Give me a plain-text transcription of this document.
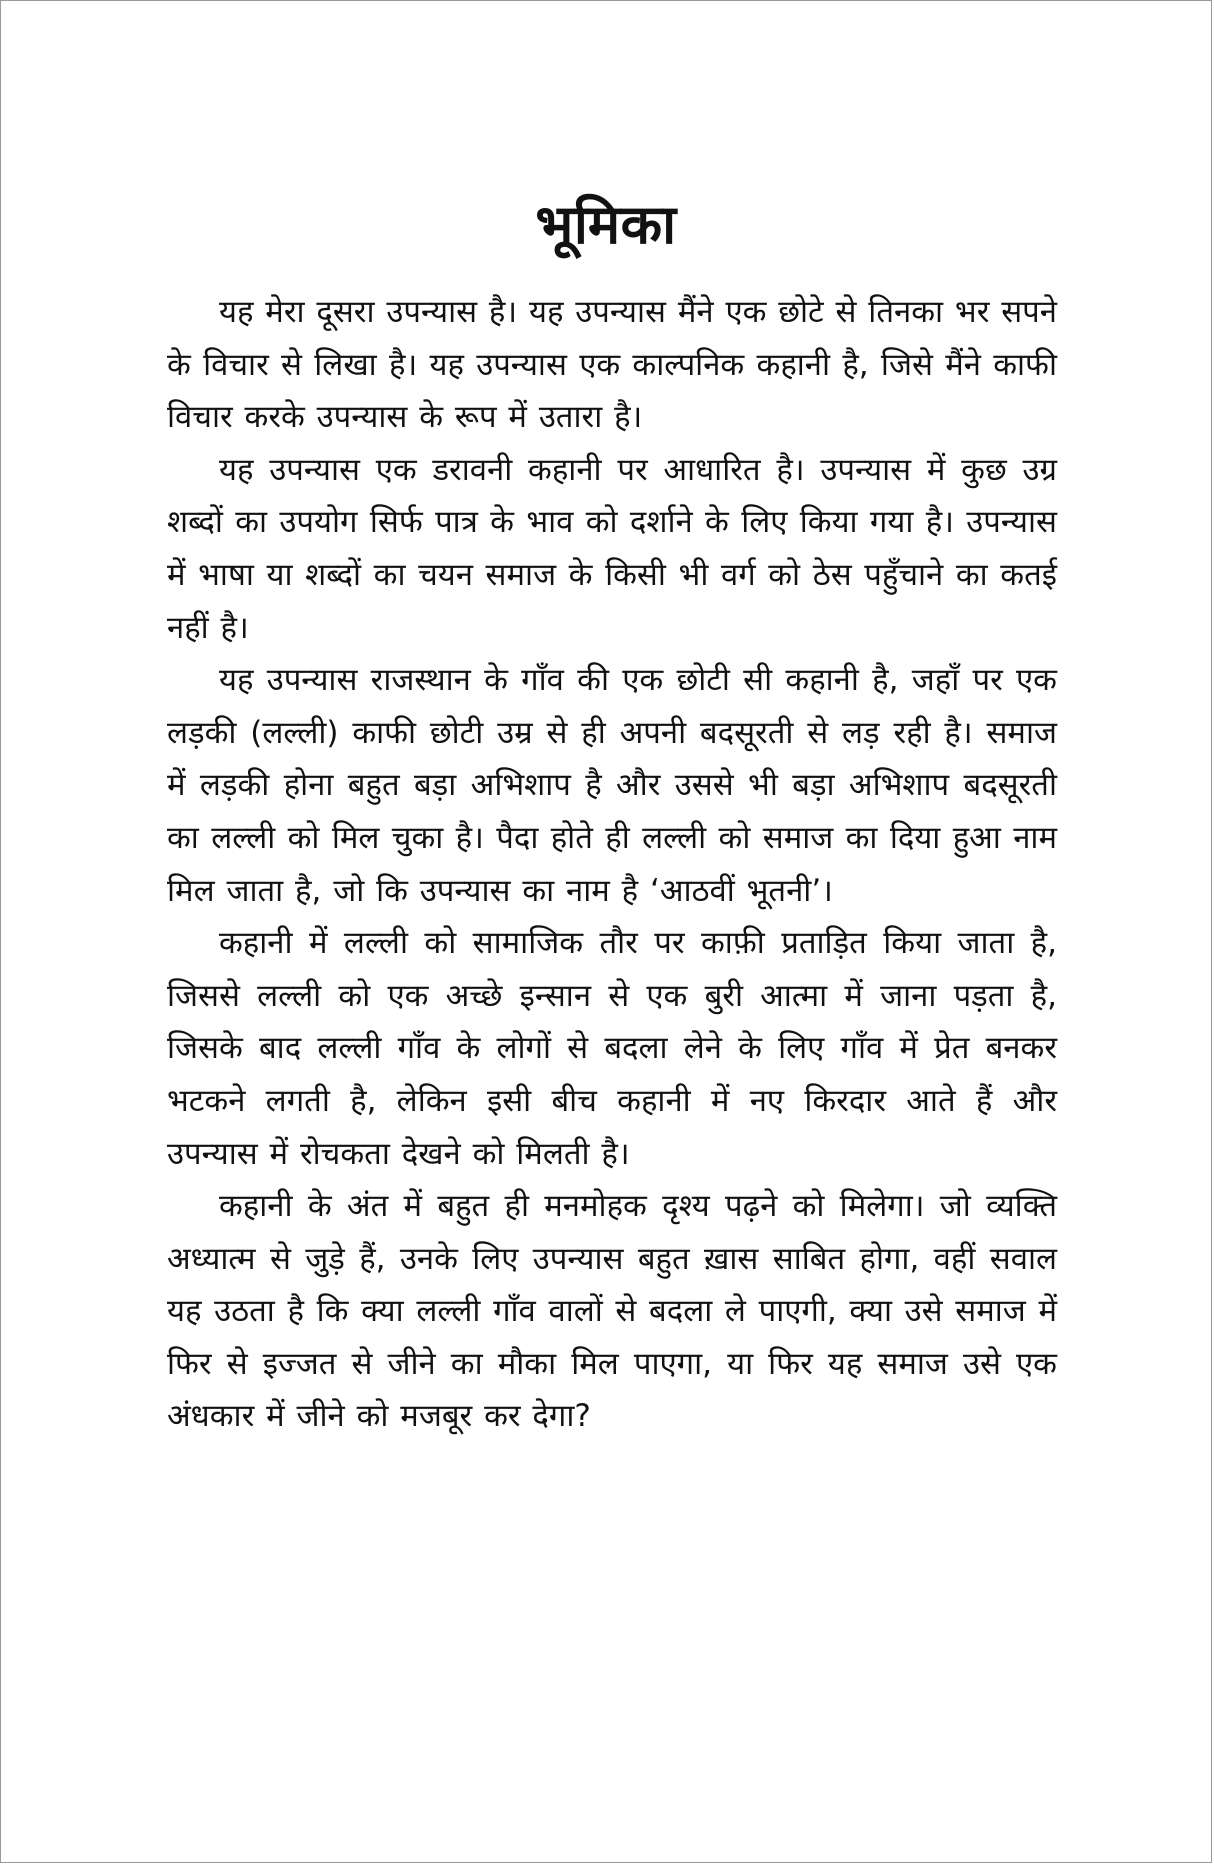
भूमिका

यह मेरा दूसरा उपन्यास है। यह उपन्यास मैंने एक छोटे से तिनका भर सपने के विचार से लिखा है। यह उपन्यास एक काल्पनिक कहानी है, जिसे मैंने काफी विचार करके उपन्यास के रूप में उतारा है।

यह उपन्यास एक डरावनी कहानी पर आधारित है। उपन्यास में कुछ उग्र शब्दों का उपयोग सिर्फ पात्र के भाव को दर्शाने के लिए किया गया है। उपन्यास में भाषा या शब्दों का चयन समाज के किसी भी वर्ग को ठेस पहुँचाने का कतई नहीं है।

यह उपन्यास राजस्थान के गाँव की एक छोटी सी कहानी है, जहाँ पर एक लड़की (लल्ली) काफी छोटी उम्र से ही अपनी बदसूरती से लड़ रही है। समाज में लड़की होना बहुत बड़ा अभिशाप है और उससे भी बड़ा अभिशाप बदसूरती का लल्ली को मिल चुका है। पैदा होते ही लल्ली को समाज का दिया हुआ नाम मिल जाता है, जो कि उपन्यास का नाम है ‘आठवीं भूतनी’।

कहानी में लल्ली को सामाजिक तौर पर काफ़ी प्रताड़ित किया जाता है, जिससे लल्ली को एक अच्छे इन्सान से एक बुरी आत्मा में जाना पड़ता है, जिसके बाद लल्ली गाँव के लोगों से बदला लेने के लिए गाँव में प्रेत बनकर भटकने लगती है, लेकिन इसी बीच कहानी में नए किरदार आते हैं और उपन्यास में रोचकता देखने को मिलती है।

कहानी के अंत में बहुत ही मनमोहक दृश्य पढ़ने को मिलेगा। जो व्यक्ति अध्यात्म से जुड़े हैं, उनके लिए उपन्यास बहुत ख़ास साबित होगा, वहीं सवाल यह उठता है कि क्या लल्ली गाँव वालों से बदला ले पाएगी, क्या उसे समाज में फिर से इज्जत से जीने का मौका मिल पाएगा, या फिर यह समाज उसे एक अंधकार में जीने को मजबूर कर देगा?
